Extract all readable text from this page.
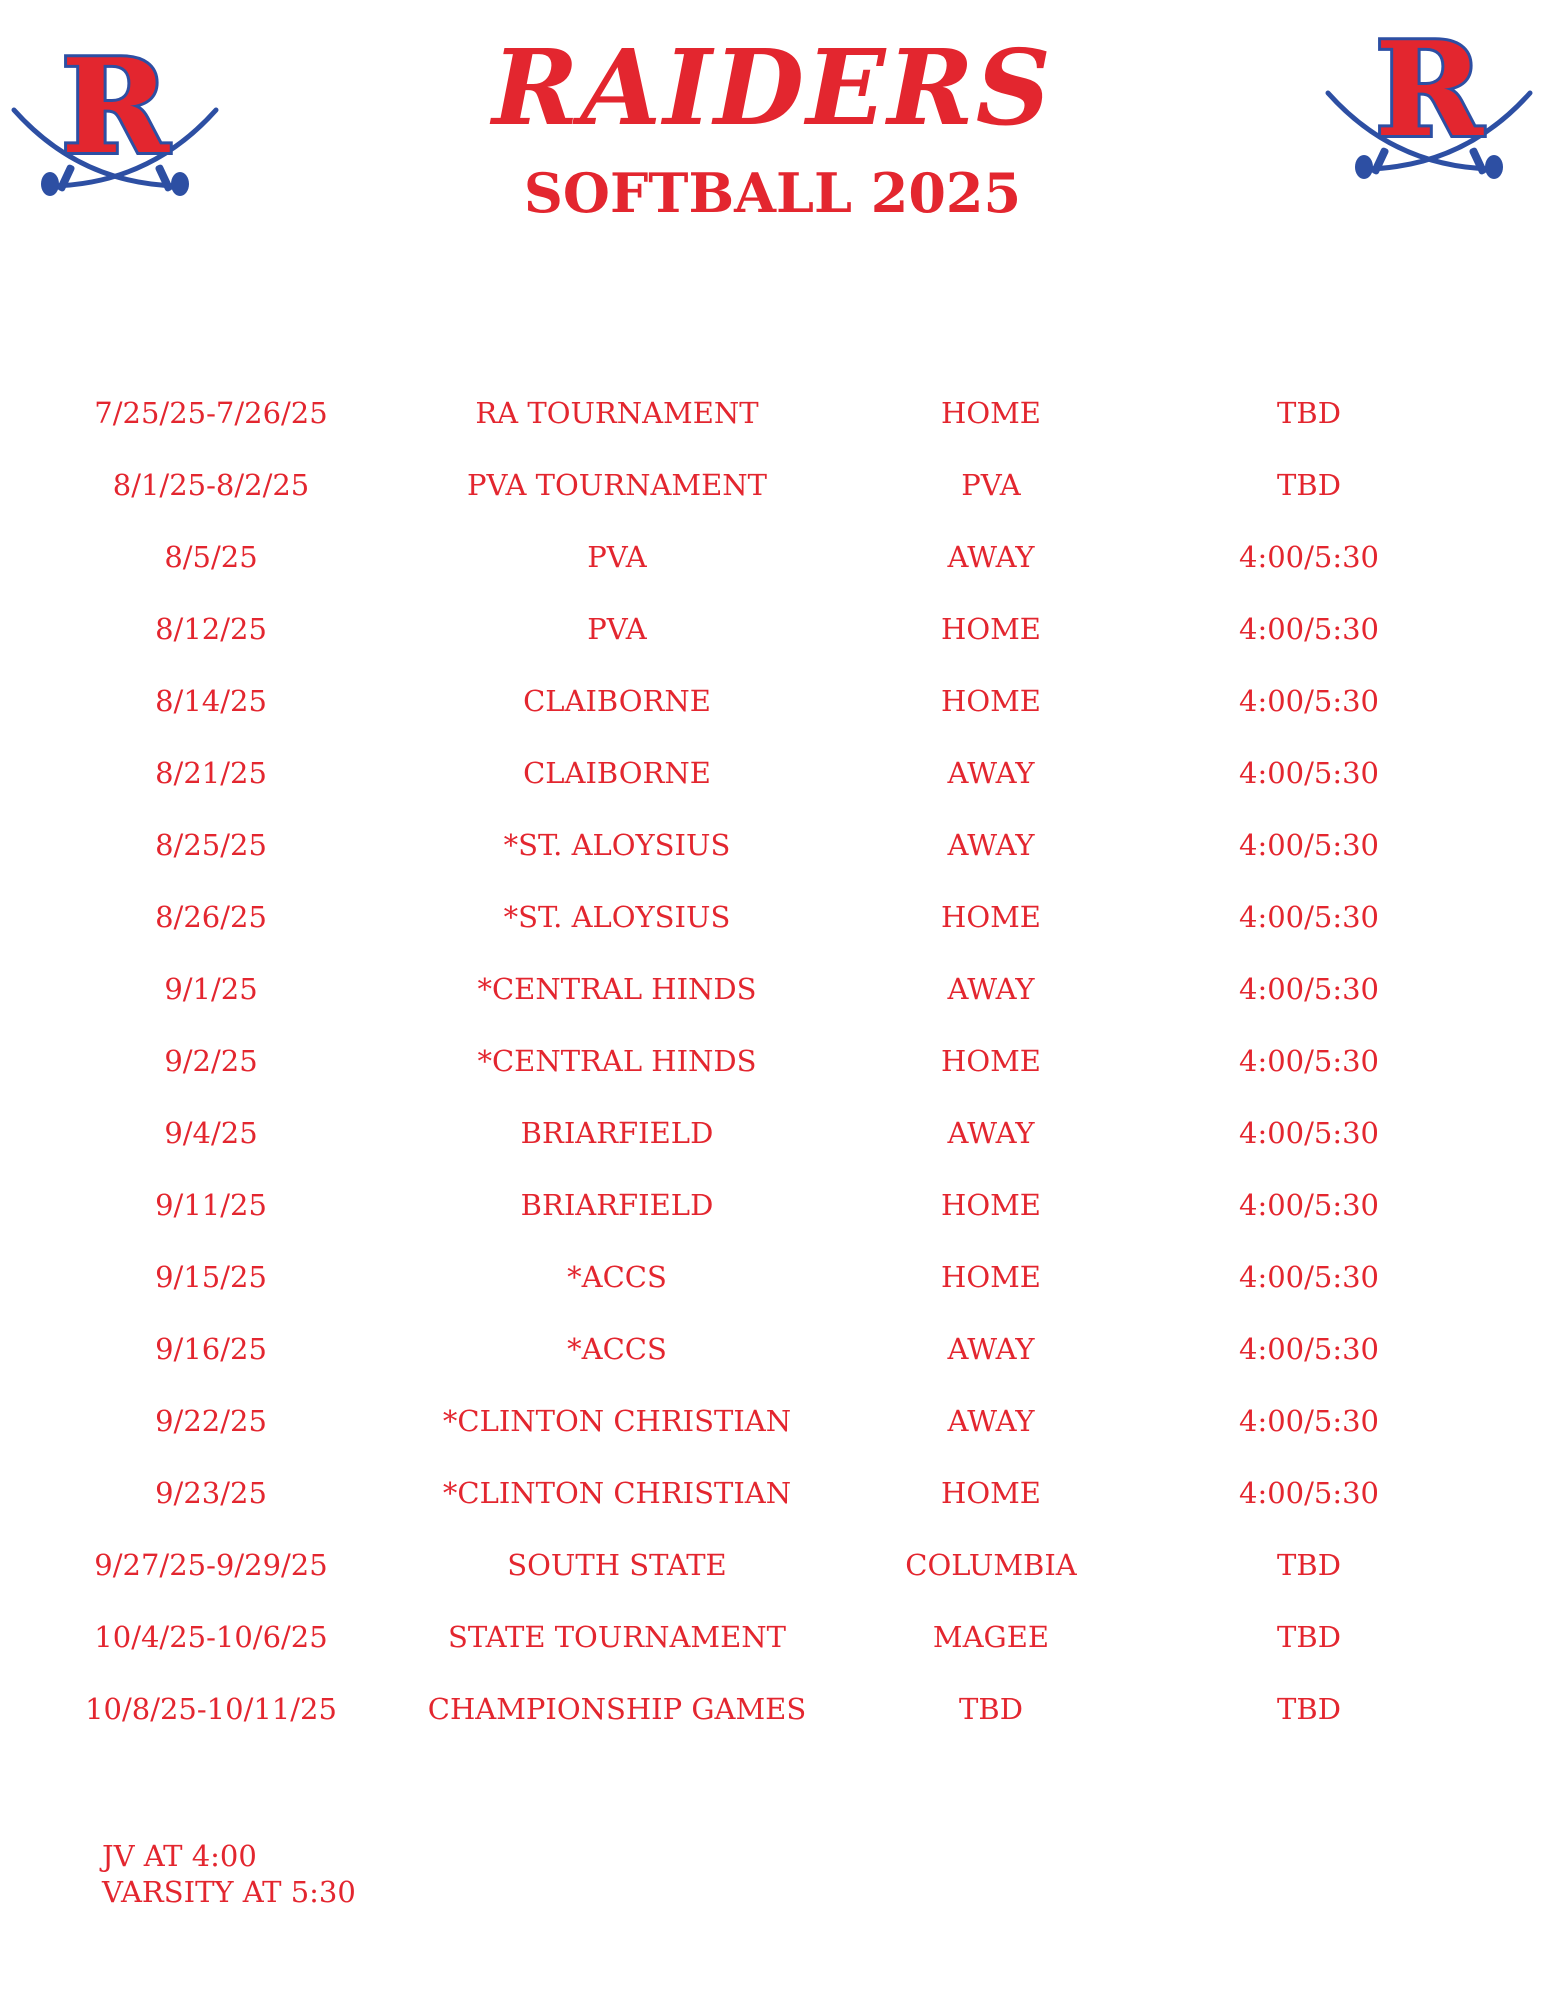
R	R
RAIDERS
SOFTBALL 2025
7/25/25-7/26/25	RA TOURNAMENT	HOME	TBD
8/1/25-8/2/25	PVA TOURNAMENT	PVA	TBD
8/5/25	PVA	AWAY	4:00/5:30
8/12/25	PVA	HOME	4:00/5:30
8/14/25	CLAIBORNE	HOME	4:00/5:30
8/21/25	CLAIBORNE	AWAY	4:00/5:30
8/25/25	*ST. ALOYSIUS	AWAY	4:00/5:30
8/26/25	*ST. ALOYSIUS	HOME	4:00/5:30
9/1/25	*CENTRAL HINDS	AWAY	4:00/5:30
9/2/25	*CENTRAL HINDS	HOME	4:00/5:30
9/4/25	BRIARFIELD	AWAY	4:00/5:30
9/11/25	BRIARFIELD	HOME	4:00/5:30
9/15/25	*ACCS	HOME	4:00/5:30
9/16/25	*ACCS	AWAY	4:00/5:30
9/22/25	*CLINTON CHRISTIAN	AWAY	4:00/5:30
9/23/25	*CLINTON CHRISTIAN	HOME	4:00/5:30
9/27/25-9/29/25	SOUTH STATE	COLUMBIA	TBD
10/4/25-10/6/25	STATE TOURNAMENT	MAGEE	TBD
10/8/25-10/11/25	CHAMPIONSHIP GAMES	TBD	TBD
JV AT 4:00
VARSITY AT 5:30
